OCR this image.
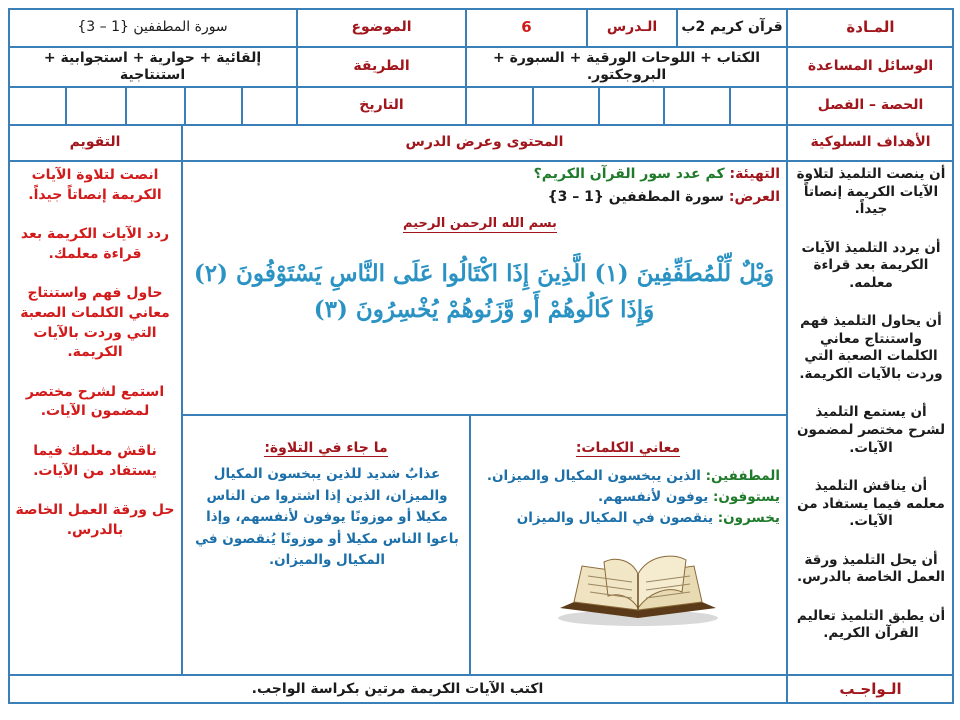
المـادة
قرآن كريم 2ب
الـدرس
6
الموضوع
سورة المطففين {1 – 3}
الوسائل المساعدة
الكتاب + اللوحات الورقية + السبورة + البروجكتور.
الطريقة
إلقائية + حوارية + استجوابية + استنتاجية
الحصة – الفصل
التاريخ
الأهداف السلوكية
المحتوى وعرض الدرس
التقويم
الـواجـب
اكتب الآيات الكريمة مرتين بكراسة الواجب.

أن ينصت التلميذ لتلاوة الآيات الكريمة إنصاتاً جيداً.

أن يردد التلميذ الآيات الكريمة بعد قراءة معلمه.

أن يحاول التلميذ فهم واستنتاج معاني الكلمات الصعبة التي وردت بالآيات الكريمة.

أن يستمع التلميذ لشرح مختصر لمضمون الآيات.

أن يناقش التلميذ معلمه فيما يستفاد من الآيات.

أن يحل التلميذ ورقة العمل الخاصة بالدرس.

أن يطبق التلميذ تعاليم القرآن الكريم.

انصت لتلاوة الآيات الكريمة إنصاتاً جيداً.

ردد الآيات الكريمة بعد قراءة معلمك.

حاول فهم واستنتاج معاني الكلمات الصعبة التي وردت بالآيات الكريمة.

استمع لشرح مختصر لمضمون الآيات.

ناقش معلمك فيما يستفاد من الآيات.

حل ورقة العمل الخاصة بالدرس.

التهيئة: كم عدد سور القرآن الكريم؟
العرض: سورة المطففين {1 – 3}
بسم الله الرحمن الرحيم
وَيْلٌ لِّلْمُطَفِّفِينَ (١) الَّذِينَ إِذَا اكْتَالُوا عَلَى النَّاسِ يَسْتَوْفُونَ (٢) وَإِذَا كَالُوهُمْ أَو وَّزَنُوهُمْ يُخْسِرُونَ (٣)
معاني الكلمات:
المطففين: الذين يبخسون المكيال والميزان.
يستوفون: يوفون لأنفسهم.
يخسرون: ينقصون في المكيال والميزان
ما جاء في التلاوة:
عذابٌ شديد للذين يبخسون المكيال والميزان، الذين إذا اشتروا من الناس مكيلا أو موزونًا يوفون لأنفسهم، وإذا باعوا الناس مكيلا أو موزونًا يُنقصون في المكيال والميزان.
